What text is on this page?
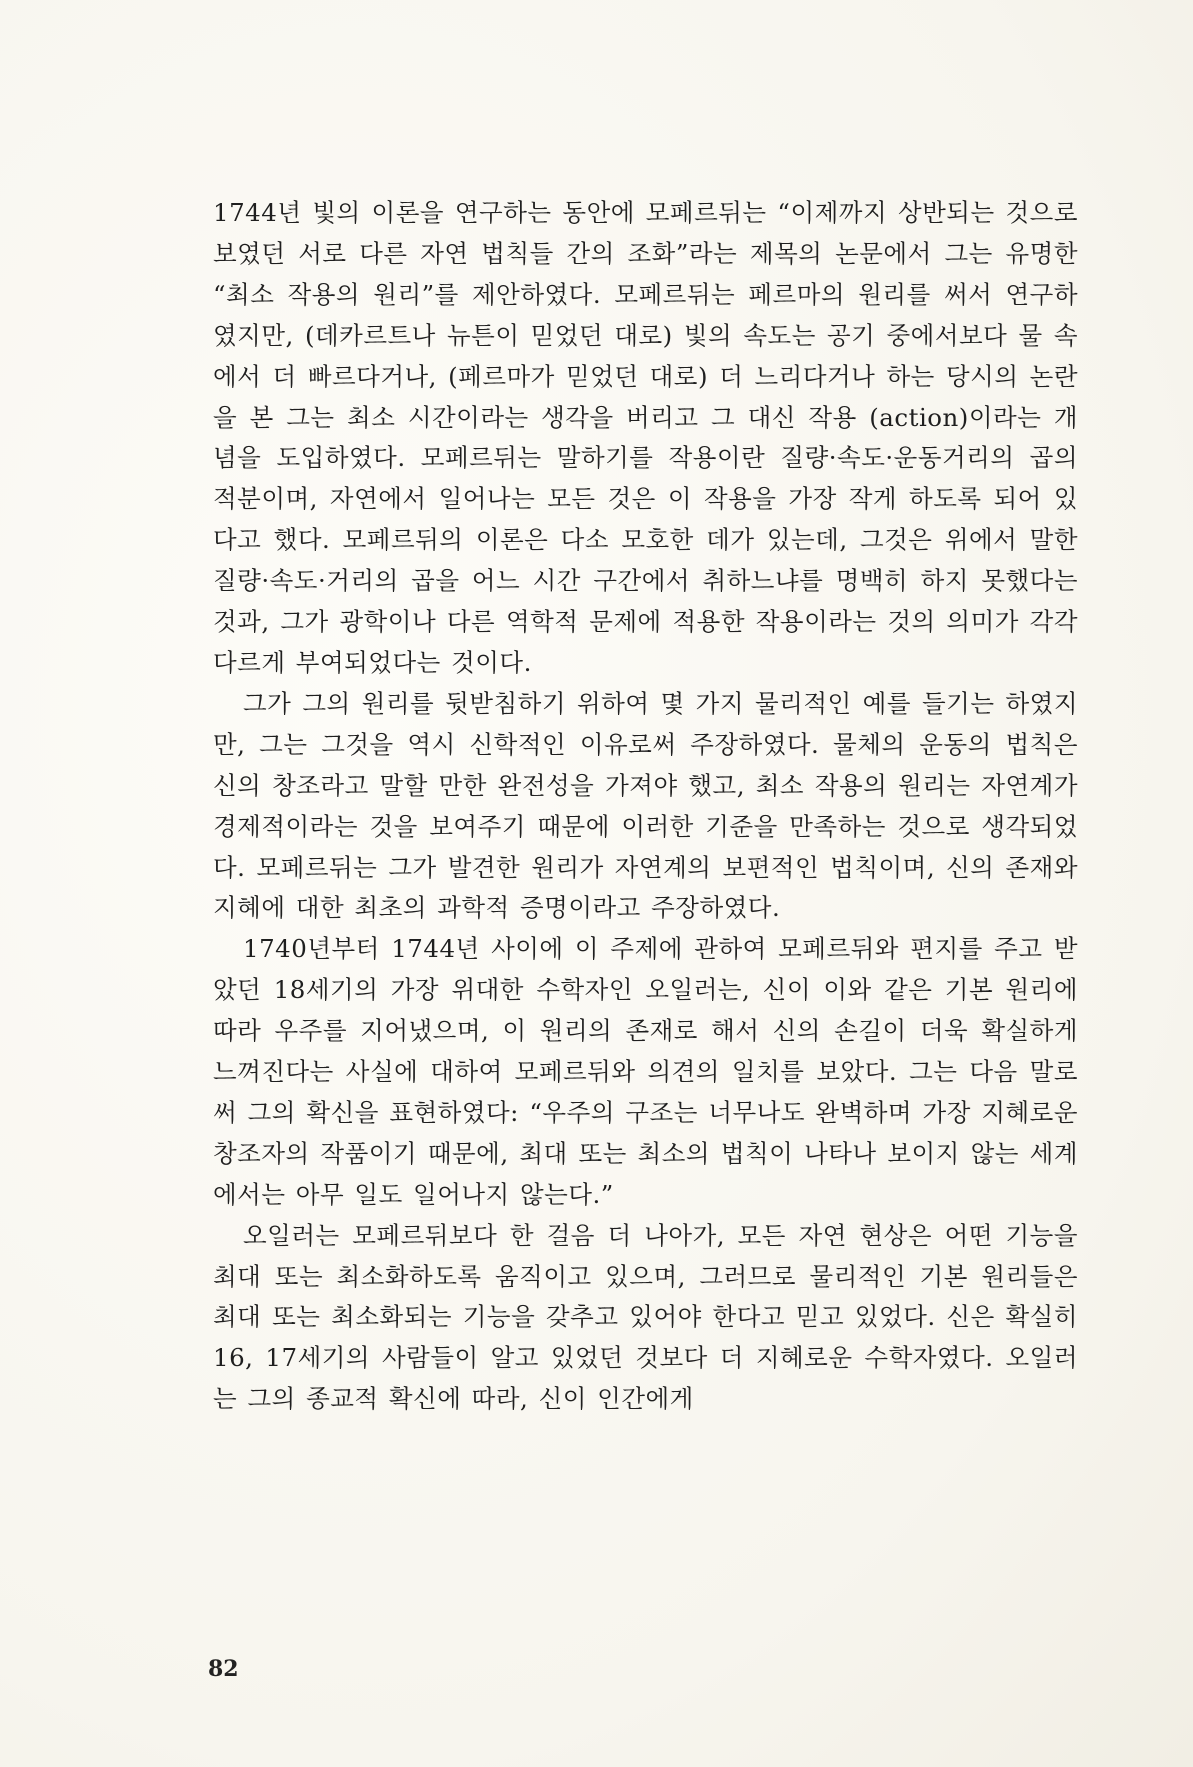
1744년 빛의 이론을 연구하는 동안에 모페르뒤는 “이제까지 상반되는 것으로 보였던 서로 다른 자연 법칙들 간의 조화”라는 제목의 논문에서 그는 유명한 “최소 작용의 원리”를 제안하였다. 모페르뒤는 페르마의 원리를 써서 연구하였지만, (데카르트나 뉴튼이 믿었던 대로) 빛의 속도는 공기 중에서보다 물 속에서 더 빠르다거나, (페르마가 믿었던 대로) 더 느리다거나 하는 당시의 논란을 본 그는 최소 시간이라는 생각을 버리고 그 대신 작용 (action)이라는 개념을 도입하였다. 모페르뒤는 말하기를 작용이란 질량·속도·운동거리의 곱의 적분이며, 자연에서 일어나는 모든 것은 이 작용을 가장 작게 하도록 되어 있다고 했다. 모페르뒤의 이론은 다소 모호한 데가 있는데, 그것은 위에서 말한 질량·속도·거리의 곱을 어느 시간 구간에서 취하느냐를 명백히 하지 못했다는 것과, 그가 광학이나 다른 역학적 문제에 적용한 작용이라는 것의 의미가 각각 다르게 부여되었다는 것이다.

그가 그의 원리를 뒷받침하기 위하여 몇 가지 물리적인 예를 들기는 하였지만, 그는 그것을 역시 신학적인 이유로써 주장하였다. 물체의 운동의 법칙은 신의 창조라고 말할 만한 완전성을 가져야 했고, 최소 작용의 원리는 자연계가 경제적이라는 것을 보여주기 때문에 이러한 기준을 만족하는 것으로 생각되었다. 모페르뒤는 그가 발견한 원리가 자연계의 보편적인 법칙이며, 신의 존재와 지혜에 대한 최초의 과학적 증명이라고 주장하였다.

1740년부터 1744년 사이에 이 주제에 관하여 모페르뒤와 편지를 주고 받았던 18세기의 가장 위대한 수학자인 오일러는, 신이 이와 같은 기본 원리에 따라 우주를 지어냈으며, 이 원리의 존재로 해서 신의 손길이 더욱 확실하게 느껴진다는 사실에 대하여 모페르뒤와 의견의 일치를 보았다. 그는 다음 말로써 그의 확신을 표현하였다: “우주의 구조는 너무나도 완벽하며 가장 지혜로운 창조자의 작품이기 때문에, 최대 또는 최소의 법칙이 나타나 보이지 않는 세계에서는 아무 일도 일어나지 않는다.”

오일러는 모페르뒤보다 한 걸음 더 나아가, 모든 자연 현상은 어떤 기능을 최대 또는 최소화하도록 움직이고 있으며, 그러므로 물리적인 기본 원리들은 최대 또는 최소화되는 기능을 갖추고 있어야 한다고 믿고 있었다. 신은 확실히 16, 17세기의 사람들이 알고 있었던 것보다 더 지혜로운 수학자였다. 오일러는 그의 종교적 확신에 따라, 신이 인간에게

82
